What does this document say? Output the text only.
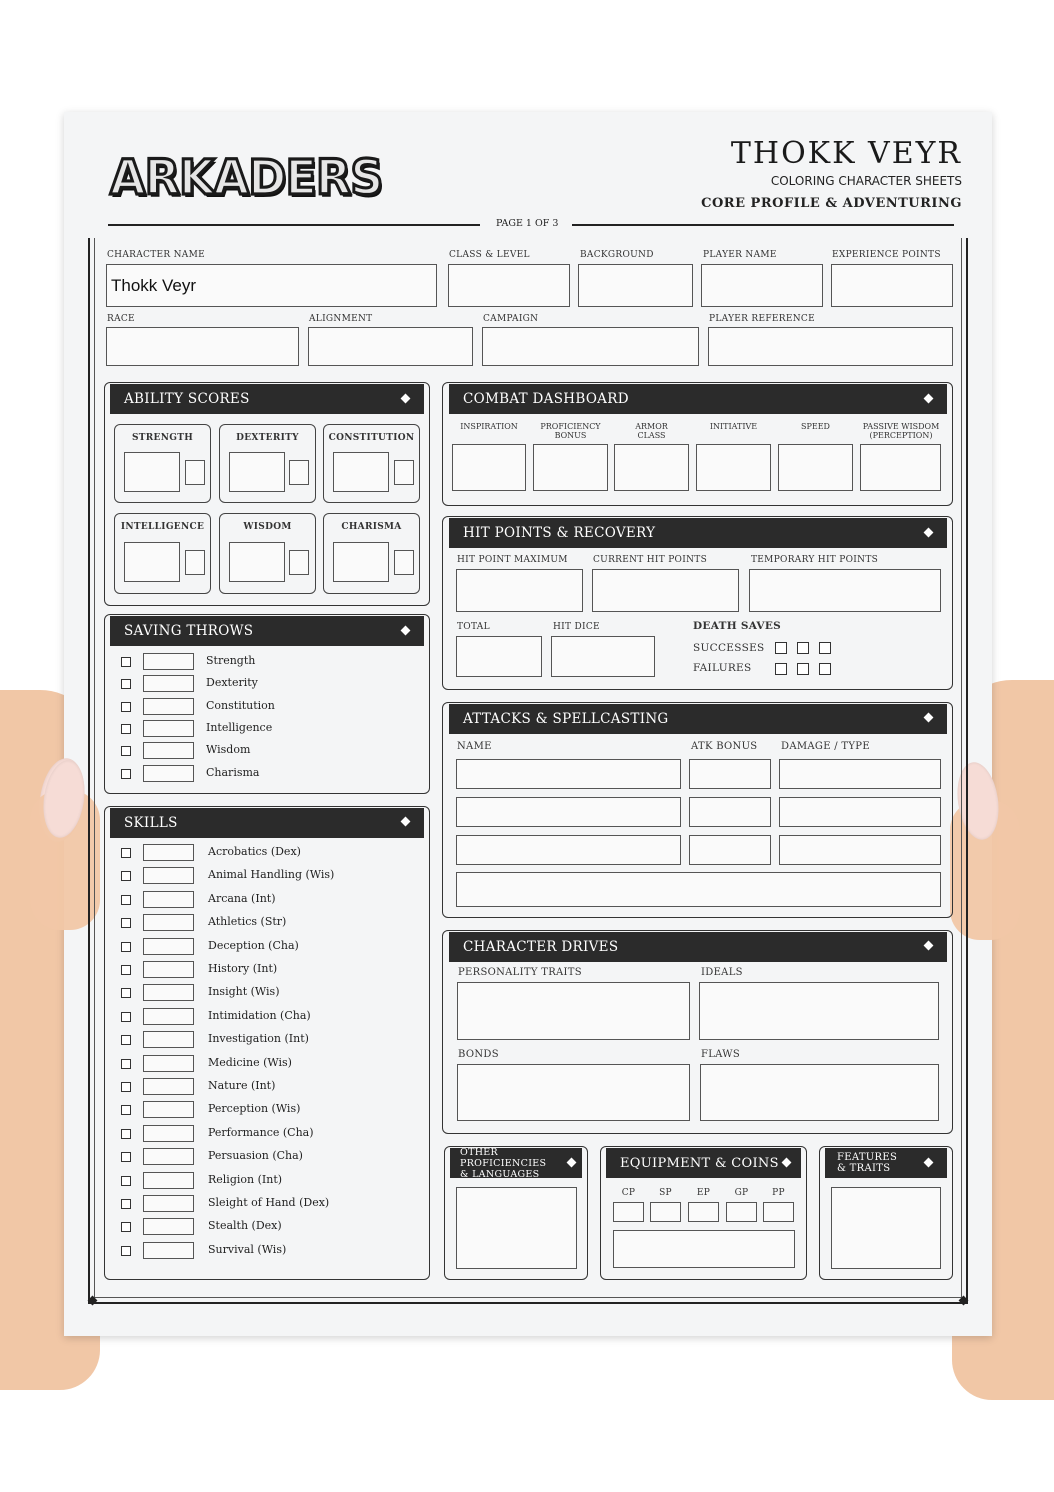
ARKADERS	THOKK VEYR
COLORING CHARACTER SHEETS
CORE PROFILE & ADVENTURING
PAGE 1 OF 3
CHARACTER NAME
Thokk Veyr
CLASS & LEVEL	BACKGROUND	PLAYER NAME	EXPERIENCE POINTS
RACE	ALIGNMENT	CAMPAIGN	PLAYER REFERENCE
ABILITY SCORES
STRENGTH	DEXTERITY	CONSTITUTION
INTELLIGENCE	WISDOM	CHARISMA
SAVING THROWS
Strength
Dexterity
Constitution
Intelligence
Wisdom
Charisma
SKILLS
Acrobatics (Dex)
Animal Handling (Wis)
Arcana (Int)
Athletics (Str)
Deception (Cha)
History (Int)
Insight (Wis)
Intimidation (Cha)
Investigation (Int)
Medicine (Wis)
Nature (Int)
Perception (Wis)
Performance (Cha)
Persuasion (Cha)
Religion (Int)
Sleight of Hand (Dex)
Stealth (Dex)
Survival (Wis)
COMBAT DASHBOARD
INSPIRATION	PROFICIENCY
BONUS
ARMOR
CLASS
INITIATIVE	SPEED	PASSIVE WISDOM
(PERCEPTION)
HIT POINTS & RECOVERY
HIT POINT MAXIMUM	CURRENT HIT POINTS	TEMPORARY HIT POINTS
TOTAL	HIT DICE	DEATH SAVES
SUCCESSES
FAILURES
ATTACKS & SPELLCASTING
NAME	ATK BONUS DAMAGE / TYPE
CHARACTER DRIVES
PERSONALITY TRAITS	IDEALS
BONDS	FLAWS
OTHER PROFICIENCIES
& LANGUAGES
EQUIPMENT & COINS
CP	SP	EP	GP	PP
FEATURES
& TRAITS
